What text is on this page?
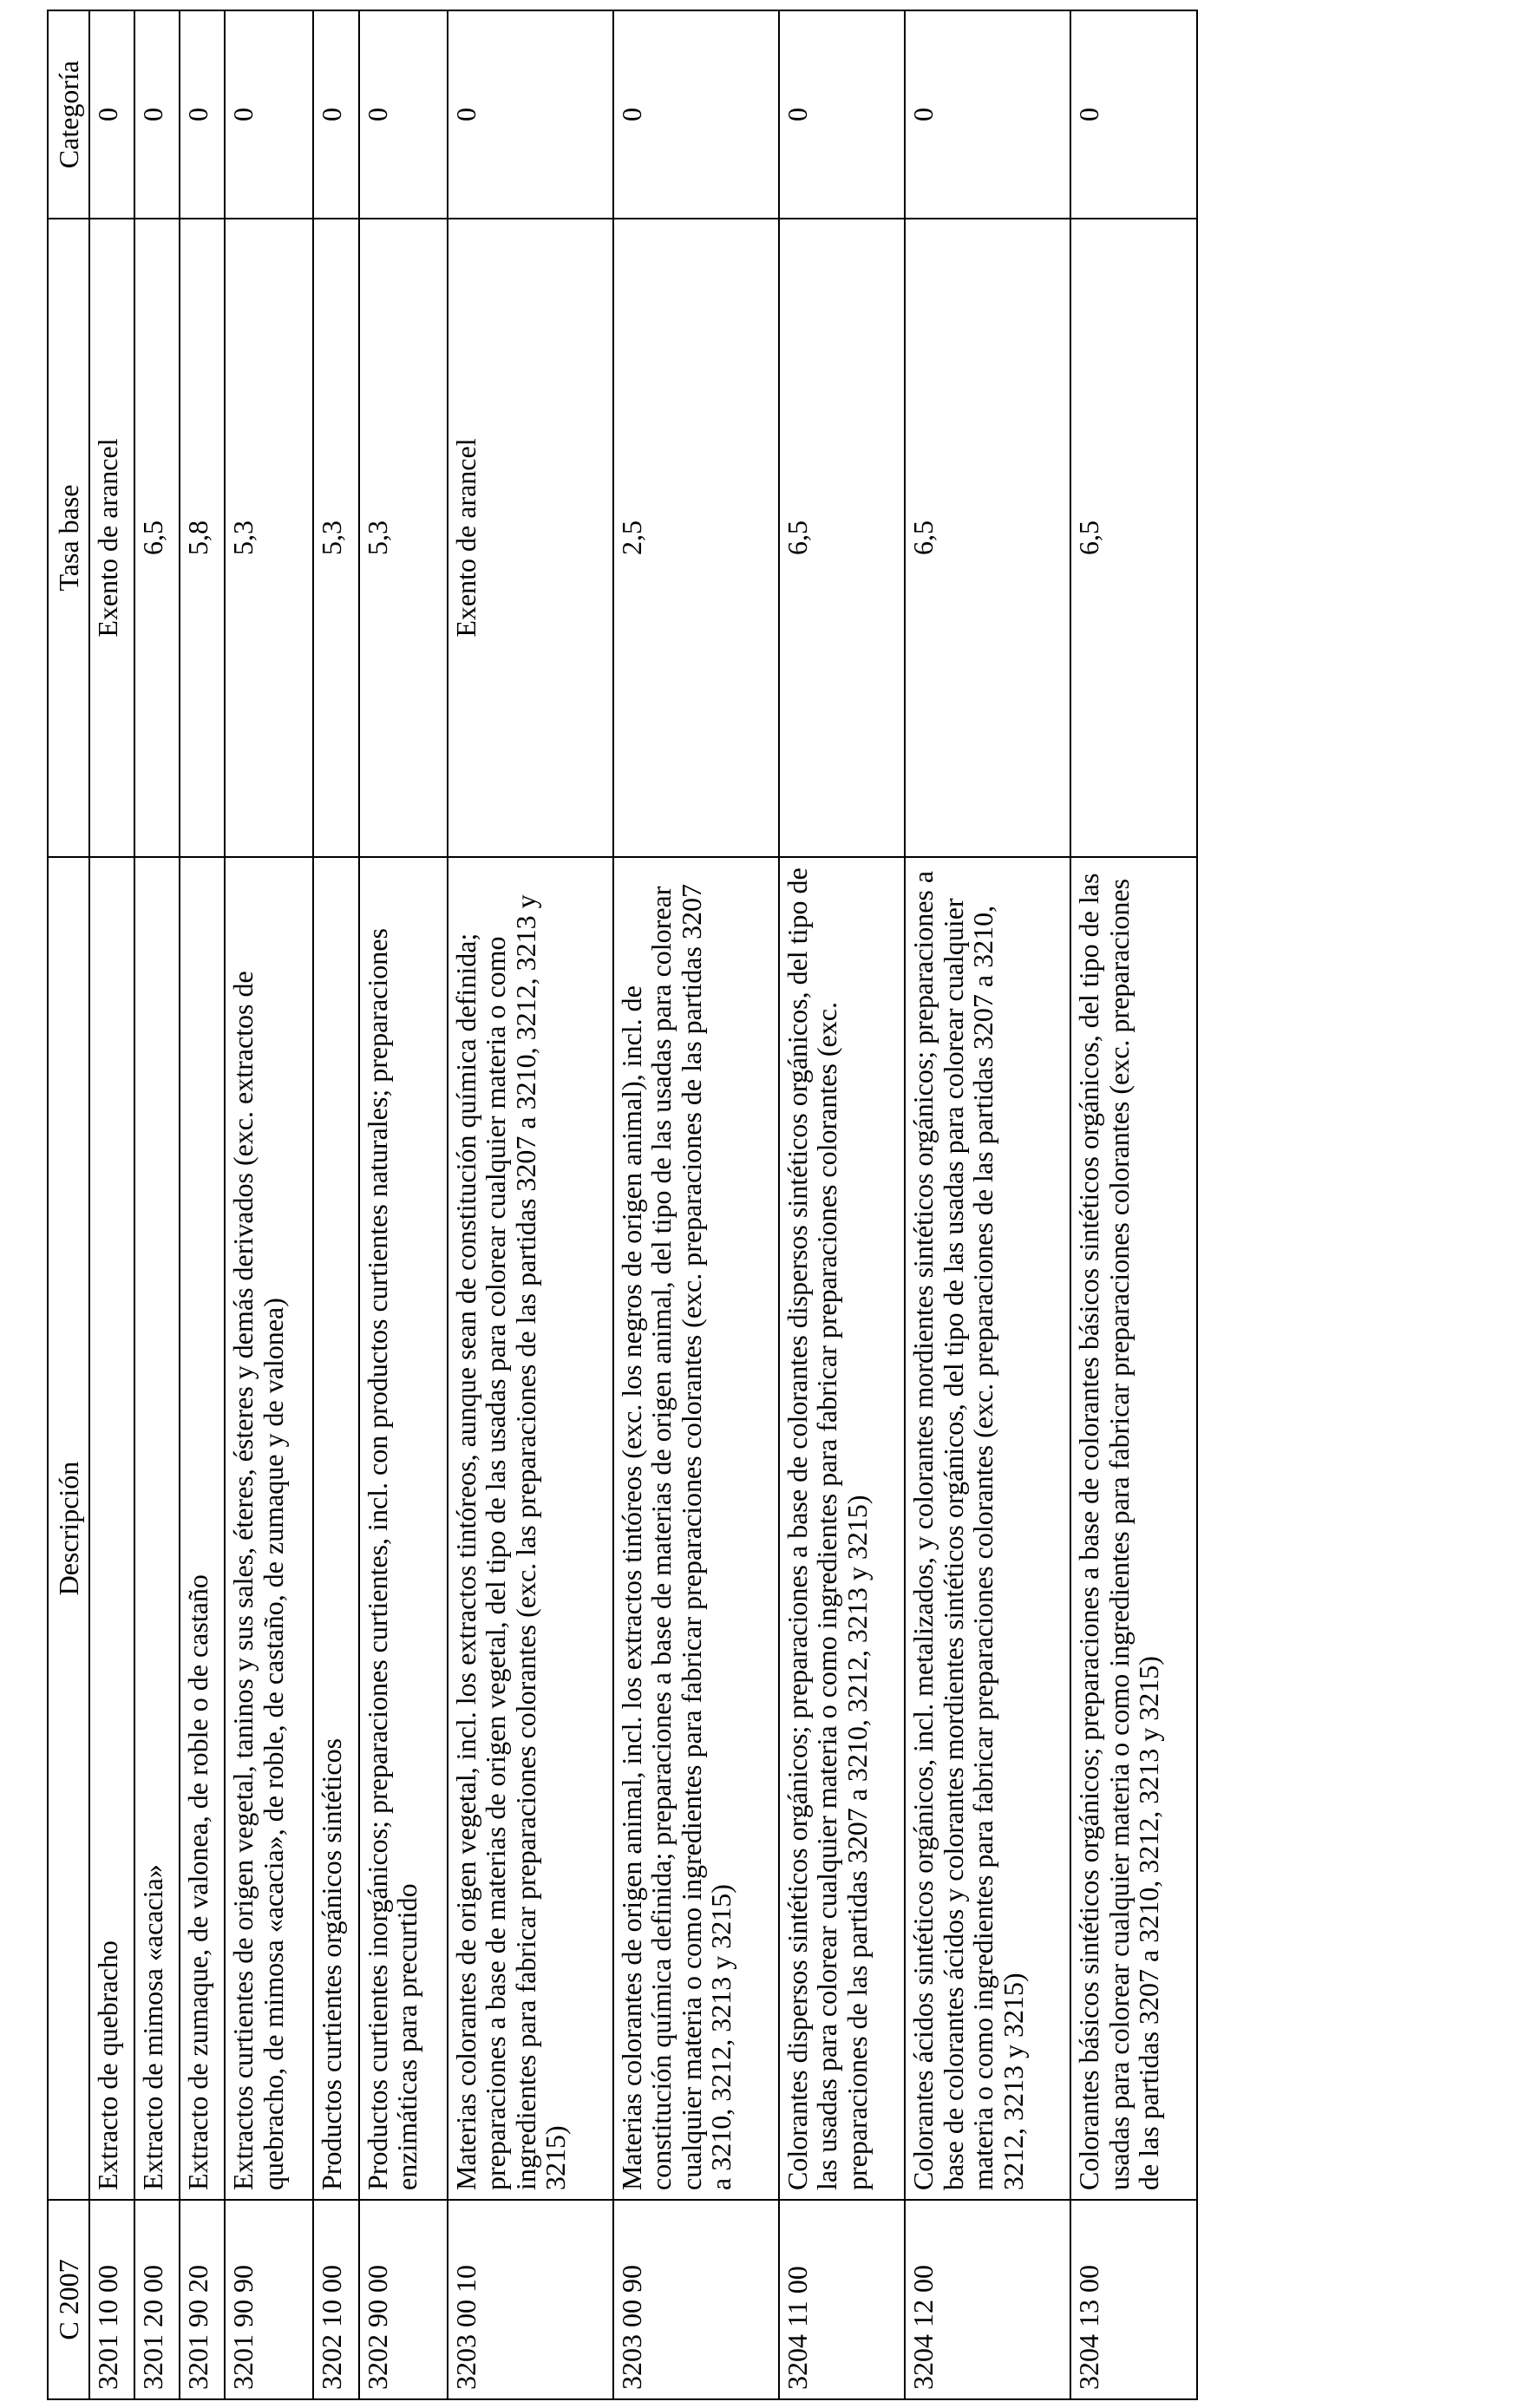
C 2007	Descripción	Tasa base	Categoría
3201 10 00	Extracto de quebracho	Exento de arancel	0
3201 20 00	Extracto de mimosa «acacia»	6,5	0
3201 90 20	Extracto de zumaque, de valonea, de roble o de castaño	5,8	0
3201 90 90	Extractos curtientes de origen vegetal, taninos y sus sales, éteres, ésteres y demás derivados (exc. extractos de quebracho, de mimosa «acacia», de roble, de castaño, de zumaque y de valonea)	5,3	0
3202 10 00	Productos curtientes orgánicos sintéticos	5,3	0
3202 90 00	Productos curtientes inorgánicos; preparaciones curtientes, incl. con productos curtientes naturales; preparaciones enzimáticas para precurtido	5,3	0
3203 00 10	Materias colorantes de origen vegetal, incl. los extractos tintóreos, aunque sean de constitución química definida; preparaciones a base de materias de origen vegetal, del tipo de las usadas para colorear cualquier materia o como ingredientes para fabricar preparaciones colorantes (exc. las preparaciones de las partidas 3207 a 3210, 3212, 3213 y 3215)	Exento de arancel	0
3203 00 90	Materias colorantes de origen animal, incl. los extractos tintóreos (exc. los negros de origen animal), incl. de constitución química definida; preparaciones a base de materias de origen animal, del tipo de las usadas para colorear cualquier materia o como ingredientes para fabricar preparaciones colorantes (exc. preparaciones de las partidas 3207 a 3210, 3212, 3213 y 3215)	2,5	0
3204 11 00	Colorantes dispersos sintéticos orgánicos; preparaciones a base de colorantes dispersos sintéticos orgánicos, del tipo de las usadas para colorear cualquier materia o como ingredientes para fabricar preparaciones colorantes (exc. preparaciones de las partidas 3207 a 3210, 3212, 3213 y 3215)	6,5	0
3204 12 00	Colorantes ácidos sintéticos orgánicos, incl. metalizados, y colorantes mordientes sintéticos orgánicos; preparaciones a base de colorantes ácidos y colorantes mordientes sintéticos orgánicos, del tipo de las usadas para colorear cualquier materia o como ingredientes para fabricar preparaciones colorantes (exc. preparaciones de las partidas 3207 a 3210, 3212, 3213 y 3215)	6,5	0
3204 13 00	Colorantes básicos sintéticos orgánicos; preparaciones a base de colorantes básicos sintéticos orgánicos, del tipo de las usadas para colorear cualquier materia o como ingredientes para fabricar preparaciones colorantes (exc. preparaciones de las partidas 3207 a 3210, 3212, 3213 y 3215)	6,5	0
